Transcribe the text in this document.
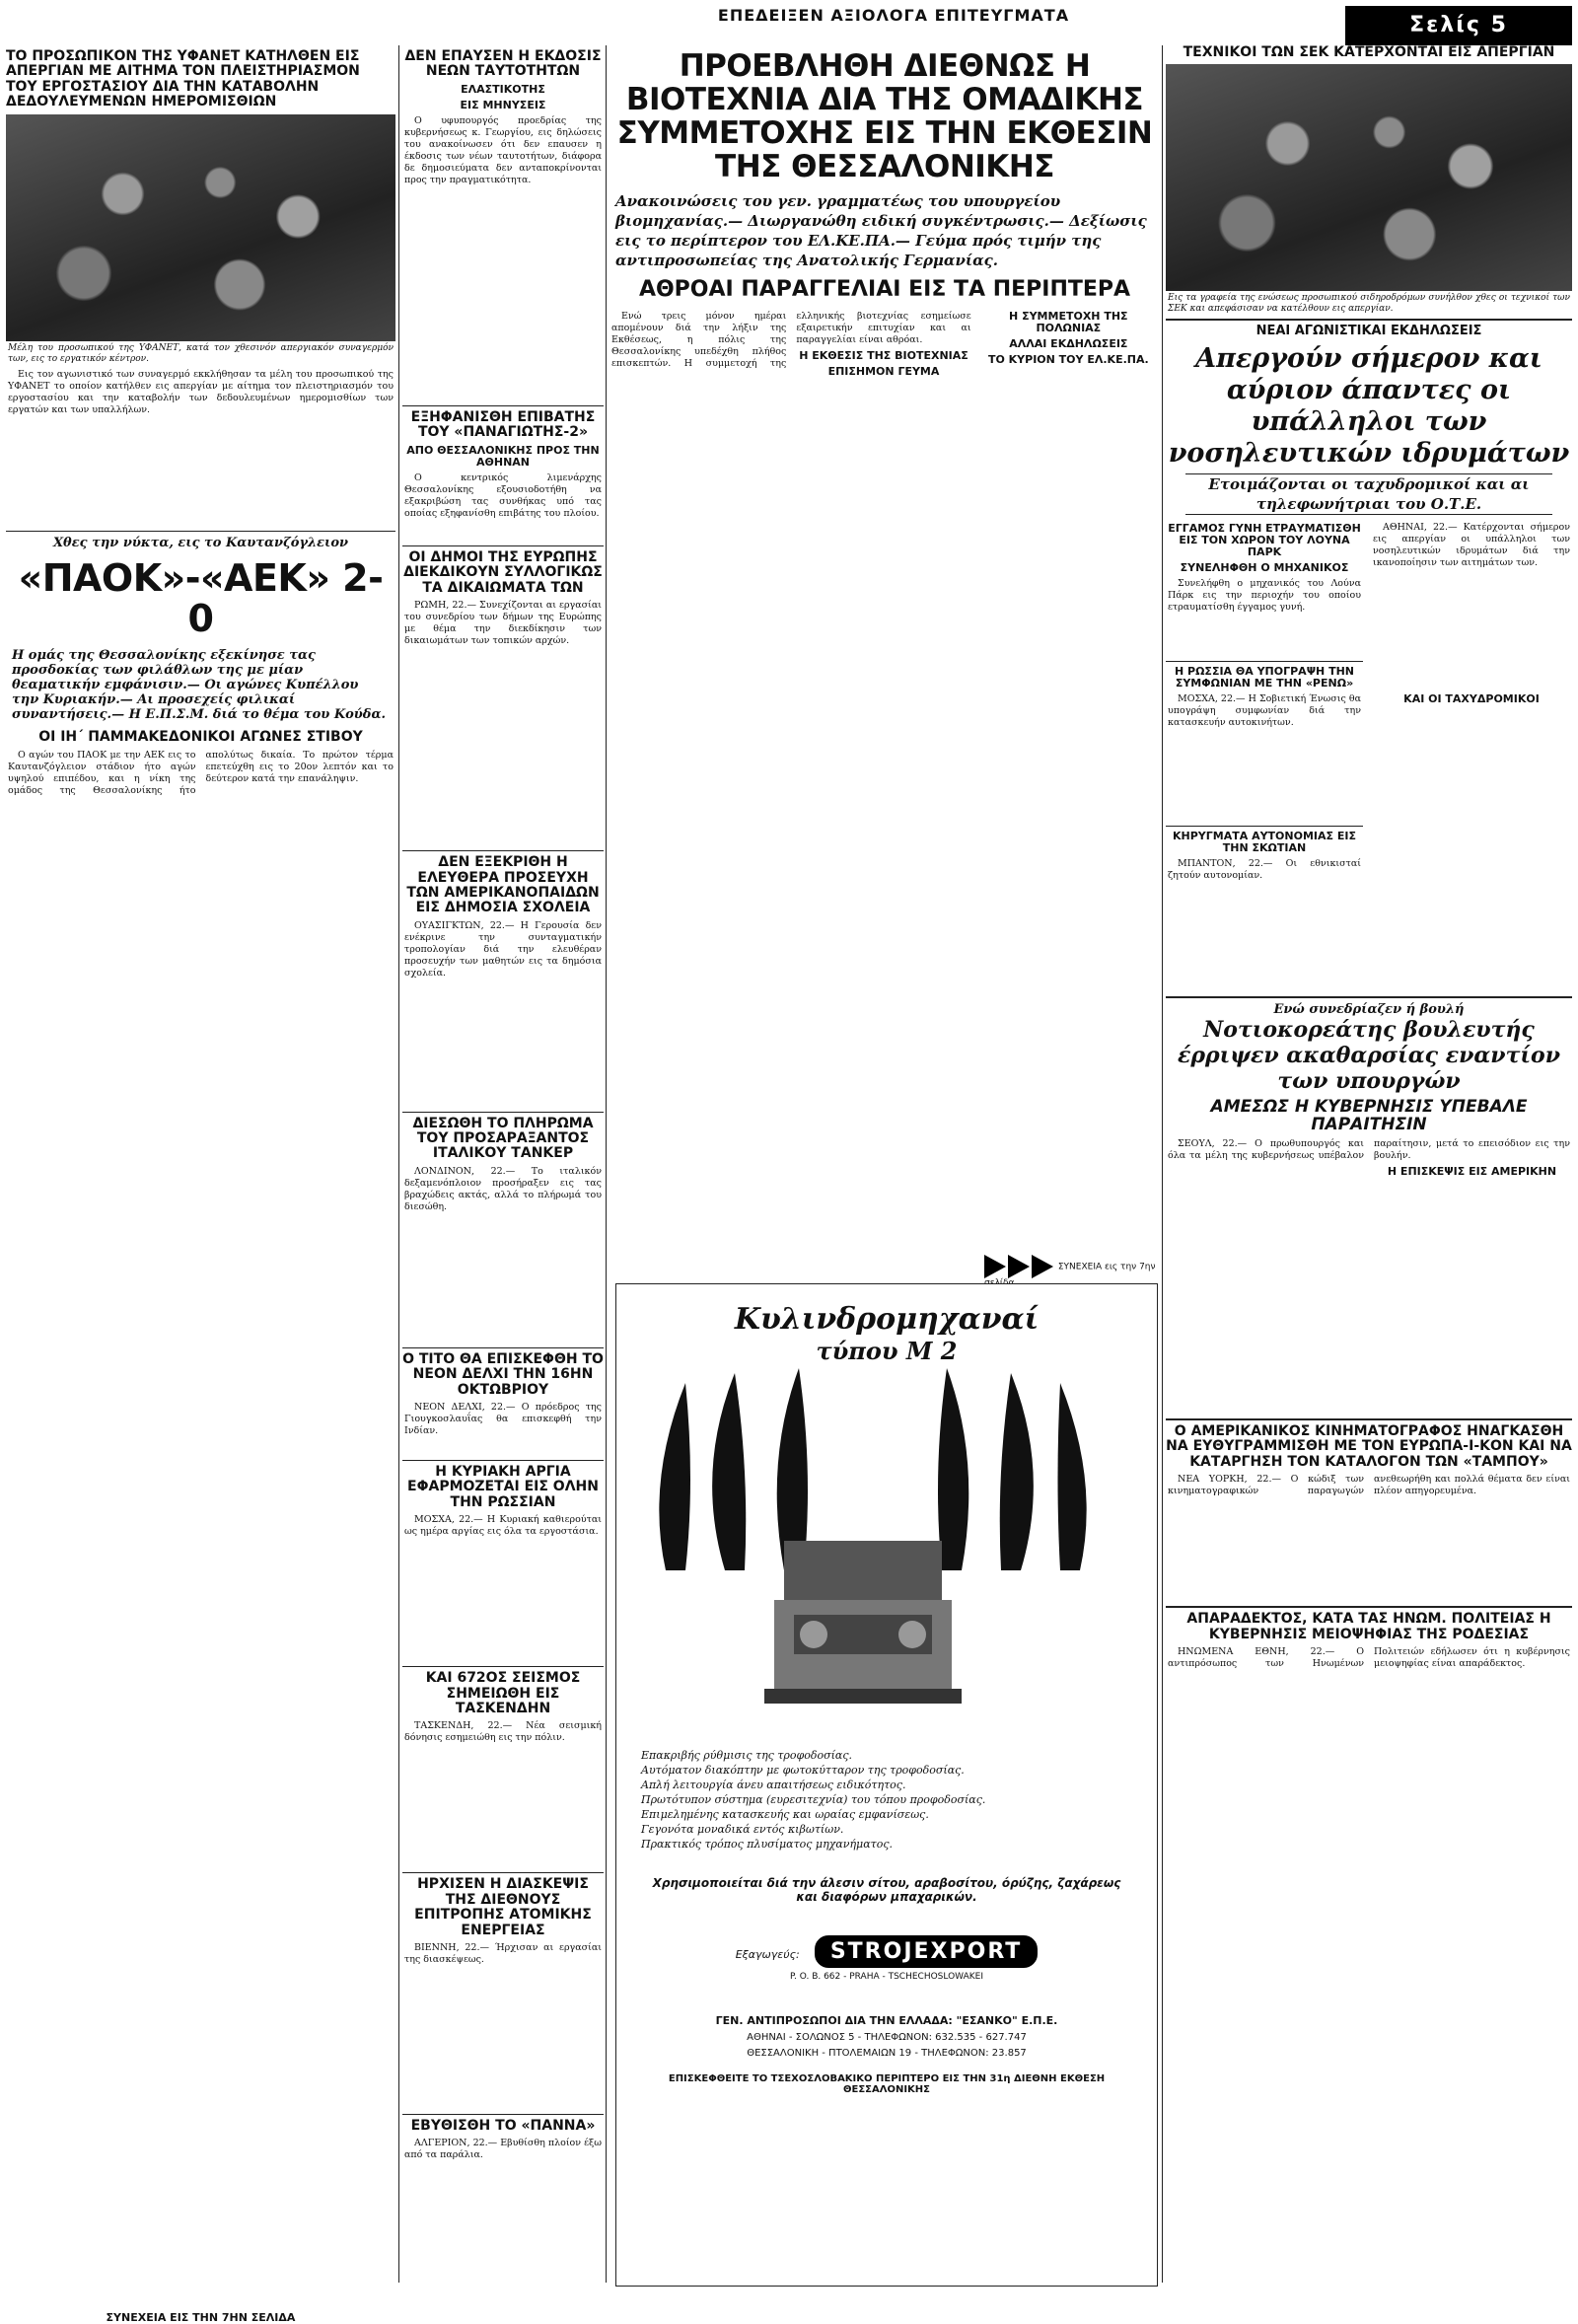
ΕΠΕΔΕΙΞΕΝ ΑΞΙΟΛΟΓΑ ΕΠΙΤΕΥΓΜΑΤΑ	Σελίς 5
ΤΟ ΠΡΟΣΩΠΙΚΟΝ ΤΗΣ ΥΦΑΝΕΤ ΚΑΤΗΛΘΕΝ ΕΙΣ ΑΠΕΡΓΙΑΝ ΜΕ ΑΙΤΗΜΑ ΤΟΝ ΠΛΕΙΣΤΗΡΙΑΣΜΟΝ ΤΟΥ ΕΡΓΟΣΤΑΣΙΟΥ ΔΙΑ ΤΗΝ ΚΑΤΑΒΟΛΗΝ ΔΕΔΟΥΛΕΥΜΕΝΩΝ ΗΜΕΡΟΜΙΣΘΙΩΝ
Μέλη του προσωπικού της ΥΦΑΝΕΤ, κατά τον χθεσινόν απεργιακόν συναγερμόν των, εις το εργατικόν κέντρον.

Εις τον αγωνιστικό των συναγερμό εκκλήθησαν τα μέλη του προσωπικού της ΥΦΑΝΕΤ το οποίον κατήλθεν εις απεργίαν με αίτημα τον πλειστηριασμόν του εργοστασίου και την καταβολήν των δεδουλευμένων ημερομισθίων των εργατών και των υπαλλήλων.

Χθες την νύκτα, εις το Καυτανζόγλειον
«ΠΑΟΚ»-«ΑΕΚ» 2-0
Η ομάς της Θεσσαλονίκης εξεκίνησε τας προσδοκίας των φιλάθλων της με μίαν θεαματικήν εμφάνισιν.— Οι αγώνες Κυπέλλου την Κυριακήν.— Αι προσεχείς φιλικαί συναντήσεις.— Η Ε.Π.Σ.Μ. διά το θέμα του Κούδα.
ΟΙ ΙΗ΄ ΠΑΜΜΑΚΕΔΟΝΙΚΟΙ ΑΓΩΝΕΣ ΣΤΙΒΟΥ

Ο αγών του ΠΑΟΚ με την ΑΕΚ εις το Καυτανζόγλειον στάδιον ήτο αγών υψηλού επιπέδου, και η νίκη της ομάδος της Θεσσαλονίκης ήτο απολύτως δικαία. Το πρώτον τέρμα επετεύχθη εις το 20ον λεπτόν και το δεύτερον κατά την επανάληψιν.

ΣΥΝΕΧΕΙΑ ΕΙΣ ΤΗΝ 7ΗΝ ΣΕΛΙΔΑ
ΔΕΝ ΕΠΑΥΣΕΝ Η ΕΚΔΟΣΙΣ ΝΕΩΝ ΤΑΥΤΟΤΗΤΩΝ
ΕΛΑΣΤΙΚΟΤΗΣ
ΕΙΣ ΜΗΝΥΣΕΙΣ

Ο υφυπουργός προεδρίας της κυβερνήσεως κ. Γεωργίου, εις δηλώσεις του ανακοίνωσεν ότι δεν επαυσεν η έκδοσις των νέων ταυτοτήτων, διάφορα δε δημοσιεύματα δεν ανταποκρίνονται προς την πραγματικότητα.

ΕΞΗΦΑΝΙΣΘΗ ΕΠΙΒΑΤΗΣ ΤΟΥ «ΠΑΝΑΓΙΩΤΗΣ-2»
ΑΠΟ ΘΕΣΣΑΛΟΝΙΚΗΣ ΠΡΟΣ ΤΗΝ ΑΘΗΝΑΝ

Ο κεντρικός λιμενάρχης Θεσσαλονίκης εξουσιοδοτήθη να εξακριβώση τας συνθήκας υπό τας οποίας εξηφανίσθη επιβάτης του πλοίου.

ΟΙ ΔΗΜΟΙ ΤΗΣ ΕΥΡΩΠΗΣ ΔΙΕΚΔΙΚΟΥΝ ΣΥΛΛΟΓΙΚΩΣ ΤΑ ΔΙΚΑΙΩΜΑΤΑ ΤΩΝ

ΡΩΜΗ, 22.— Συνεχίζονται αι εργασίαι του συνεδρίου των δήμων της Ευρώπης με θέμα την διεκδίκησιν των δικαιωμάτων των τοπικών αρχών.

ΔΕΝ ΕΞΕΚΡΙΘΗ Η ΕΛΕΥΘΕΡΑ ΠΡΟΣΕΥΧΗ ΤΩΝ ΑΜΕΡΙΚΑΝΟΠΑΙΔΩΝ ΕΙΣ ΔΗΜΟΣΙΑ ΣΧΟΛΕΙΑ

ΟΥΑΣΙΓΚΤΩΝ, 22.— Η Γερουσία δεν ενέκρινε την συνταγματικήν τροπολογίαν διά την ελευθέραν προσευχήν των μαθητών εις τα δημόσια σχολεία.

ΔΙΕΣΩΘΗ ΤΟ ΠΛΗΡΩΜΑ ΤΟΥ ΠΡΟΣΑΡΑΞΑΝΤΟΣ ΙΤΑΛΙΚΟΥ ΤΑΝΚΕΡ

ΛΟΝΔΙΝΟΝ, 22.— Το ιταλικόν δεξαμενόπλοιον προσήραξεν εις τας βραχώδεις ακτάς, αλλά το πλήρωμά του διεσώθη.

Ο ΤΙΤΟ ΘΑ ΕΠΙΣΚΕΦΘΗ ΤΟ ΝΕΟΝ ΔΕΛΧΙ ΤΗΝ 16ΗΝ ΟΚΤΩΒΡΙΟΥ

ΝΕΟΝ ΔΕΛΧΙ, 22.— Ο πρόεδρος της Γιουγκοσλαυΐας θα επισκεφθή την Ινδίαν.

Η ΚΥΡΙΑΚΗ ΑΡΓΙΑ ΕΦΑΡΜΟΖΕΤΑΙ ΕΙΣ ΟΛΗΝ ΤΗΝ ΡΩΣΣΙΑΝ

ΜΟΣΧΑ, 22.— Η Κυριακή καθιερούται ως ημέρα αργίας εις όλα τα εργοστάσια.

ΚΑΙ 672ΟΣ ΣΕΙΣΜΟΣ ΣΗΜΕΙΩΘΗ ΕΙΣ ΤΑΣΚΕΝΔΗΝ

ΤΑΣΚΕΝΔΗ, 22.— Νέα σεισμική δόνησις εσημειώθη εις την πόλιν.

ΗΡΧΙΣΕΝ Η ΔΙΑΣΚΕΨΙΣ ΤΗΣ ΔΙΕΘΝΟΥΣ ΕΠΙΤΡΟΠΗΣ ΑΤΟΜΙΚΗΣ ΕΝΕΡΓΕΙΑΣ

ΒΙΕΝΝΗ, 22.— Ήρχισαν αι εργασίαι της διασκέψεως.

ΕΒΥΘΙΣΘΗ ΤΟ «ΠΑΝΝΑ»

ΑΛΓΕΡΙΟΝ, 22.— Εβυθίσθη πλοίον έξω από τα παράλια.

ΠΡΟΕΒΛΗΘΗ ΔΙΕΘΝΩΣ Η ΒΙΟΤΕΧΝΙΑ ΔΙΑ ΤΗΣ ΟΜΑΔΙΚΗΣ ΣΥΜΜΕΤΟΧΗΣ ΕΙΣ ΤΗΝ ΕΚΘΕΣΙΝ ΤΗΣ ΘΕΣΣΑΛΟΝΙΚΗΣ
Ανακοινώσεις του γεν. γραμματέως του υπουργείου βιομηχανίας.— Διωργανώθη ειδική συγκέντρωσις.— Δεξίωσις εις το περίπτερον του ΕΛ.ΚΕ.ΠΑ.— Γεύμα πρός τιμήν της αντιπροσωπείας της Ανατολικής Γερμανίας.
ΑΘΡΟΑΙ ΠΑΡΑΓΓΕΛΙΑΙ ΕΙΣ ΤΑ ΠΕΡΙΠΤΕΡΑ

Ενώ τρεις μόνον ημέραι απομένουν διά την λήξιν της Εκθέσεως, η πόλις της Θεσσαλονίκης υπεδέχθη πλήθος επισκεπτών. Η συμμετοχή της ελληνικής βιοτεχνίας εσημείωσε εξαιρετικήν επιτυχίαν και αι παραγγελίαι είναι αθρόαι.

Η ΕΚΘΕΣΙΣ ΤΗΣ ΒΙΟΤΕΧΝΙΑΣ
ΕΠΙΣΗΜΟΝ ΓΕΥΜΑ
Η ΣΥΜΜΕΤΟΧΗ ΤΗΣ ΠΟΛΩΝΙΑΣ
ΑΛΛΑΙ ΕΚΔΗΛΩΣΕΙΣ
ΤΟ ΚΥΡΙΟΝ ΤΟΥ ΕΛ.ΚΕ.ΠΑ.
ΣΥΝΕΧΕΙΑ εις την 7ην
Κυλινδρομηχαναί
τύπου Μ 2
Επακριβής ρύθμισις της τροφοδοσίας.
Αυτόματον διακόπτην με φωτοκύτταρον της τροφοδοσίας.
Απλή λειτουργία άνευ απαιτήσεως ειδικότητος.
Πρωτότυπον σύστημα (ευρεσιτεχνία) του τόπου προφοδοσίας.
Επιμελημένης κατασκευής και ωραίας εμφανίσεως.
Γεγονότα μοναδικά εντός κιβωτίων.
Πρακτικός τρόπος πλυσίματος μηχανήματος.
Χρησιμοποιείται διά την άλεσιν σίτου, αραβοσίτου, όρύζης, ζαχάρεως και διαφόρων μπαχαρικών.
Εξαγωγεύς: STROJEXPORT
P. O. B. 662 - PRAHA - TSCHECHOSLOWAKEI
ΓΕΝ. ΑΝΤΙΠΡΟΣΩΠΟΙ ΔΙΑ ΤΗΝ ΕΛΛΑΔΑ: "ΕΣΑΝΚΟ" Ε.Π.Ε.
ΑΘΗΝΑΙ - ΣΟΛΩΝΟΣ 5 - ΤΗΛΕΦΩΝΟΝ: 632.535 - 627.747
ΘΕΣΣΑΛΟΝΙΚΗ - ΠΤΟΛΕΜΑΙΩΝ 19 - ΤΗΛΕΦΩΝΟΝ: 23.857
ΕΠΙΣΚΕΦΘΕΙΤΕ ΤΟ ΤΣΕΧΟΣΛΟΒΑΚΙΚΟ ΠΕΡΙΠΤΕΡΟ ΕΙΣ ΤΗΝ 31η ΔΙΕΘΝΗ ΕΚΘΕΣΗ ΘΕΣΣΑΛΟΝΙΚΗΣ
ΤΕΧΝΙΚΟΙ ΤΩΝ ΣΕΚ ΚΑΤΕΡΧΟΝΤΑΙ ΕΙΣ ΑΠΕΡΓΙΑΝ
Εις τα γραφεία της ενώσεως προσωπικού σιδηροδρόμων συνήλθον χθες οι τεχνικοί των ΣΕΚ και απεφάσισαν να κατέλθουν εις απεργίαν.
ΝΕΑΙ ΑΓΩΝΙΣΤΙΚΑΙ ΕΚΔΗΛΩΣΕΙΣ
Απεργούν σήμερον και αύριον άπαντες οι υπάλληλοι των νοσηλευτικών ιδρυμάτων
Ετοιμάζονται οι ταχυδρομικοί και αι τηλεφωνήτριαι του Ο.Τ.Ε.
ΕΓΓΑΜΟΣ ΓΥΝΗ ΕΤΡΑΥΜΑΤΙΣΘΗ ΕΙΣ ΤΟΝ ΧΩΡΟΝ ΤΟΥ ΛΟΥΝΑ ΠΑΡΚ
ΣΥΝΕΛΗΦΘΗ Ο ΜΗΧΑΝΙΚΟΣ

Συνελήφθη ο μηχανικός του Λούνα Πάρκ εις την περιοχήν του οποίου ετραυματίσθη έγγαμος γυνή.

Η ΡΩΣΣΙΑ ΘΑ ΥΠΟΓΡΑΨΗ ΤΗΝ ΣΥΜΦΩΝΙΑΝ ΜΕ ΤΗΝ «ΡΕΝΩ»

ΜΟΣΧΑ, 22.— Η Σοβιετική Ένωσις θα υπογράψη συμφωνίαν διά την κατασκευήν αυτοκινήτων.

ΚΗΡΥΓΜΑΤΑ ΑΥΤΟΝΟΜΙΑΣ ΕΙΣ ΤΗΝ ΣΚΩΤΙΑΝ

ΜΠΑΝΤΟΝ, 22.— Οι εθνικισταί ζητούν αυτονομίαν.

ΑΘΗΝΑΙ, 22.— Κατέρχονται σήμερον εις απεργίαν οι υπάλληλοι των νοσηλευτικών ιδρυμάτων διά την ικανοποίησιν των αιτημάτων των.

ΚΑΙ ΟΙ ΤΑΧΥΔΡΟΜΙΚΟΙ
Ενώ συνεδρίαζεν ή βουλή
Νοτιοκορεάτης βουλευτής έρριψεν ακαθαρσίας εναντίον των υπουργών
ΑΜΕΣΩΣ Η ΚΥΒΕΡΝΗΣΙΣ ΥΠΕΒΑΛΕ ΠΑΡΑΙΤΗΣΙΝ

ΣΕΟΥΛ, 22.— Ο πρωθυπουργός και όλα τα μέλη της κυβερνήσεως υπέβαλον παραίτησιν, μετά το επεισόδιον εις την βουλήν.

Η ΕΠΙΣΚΕΨΙΣ ΕΙΣ ΑΜΕΡΙΚΗΝ
Ο ΑΜΕΡΙΚΑΝΙΚΟΣ ΚΙΝΗΜΑΤΟΓΡΑΦΟΣ ΗΝΑΓΚΑΣΘΗ ΝΑ ΕΥΘΥΓΡΑΜΜΙΣΘΗ ΜΕ ΤΟΝ ΕΥΡΩΠΑ-Ι-ΚΟΝ ΚΑΙ ΝΑ ΚΑΤΑΡΓΗΣΗ ΤΟΝ ΚΑΤΑΛΟΓΟΝ ΤΩΝ «ΤΑΜΠΟΥ»

ΝΕΑ ΥΟΡΚΗ, 22.— Ο κώδιξ των κινηματογραφικών παραγωγών ανεθεωρήθη και πολλά θέματα δεν είναι πλέον απηγορευμένα.

ΑΠΑΡΑΔΕΚΤΟΣ, ΚΑΤΑ ΤΑΣ ΗΝΩΜ. ΠΟΛΙΤΕΙΑΣ Η ΚΥΒΕΡΝΗΣΙΣ ΜΕΙΟΨΗΦΙΑΣ ΤΗΣ ΡΟΔΕΣΙΑΣ

ΗΝΩΜΕΝΑ ΕΘΝΗ, 22.— Ο αντιπρόσωπος των Ηνωμένων Πολιτειών εδήλωσεν ότι η κυβέρνησις μειοψηφίας είναι απαράδεκτος.
